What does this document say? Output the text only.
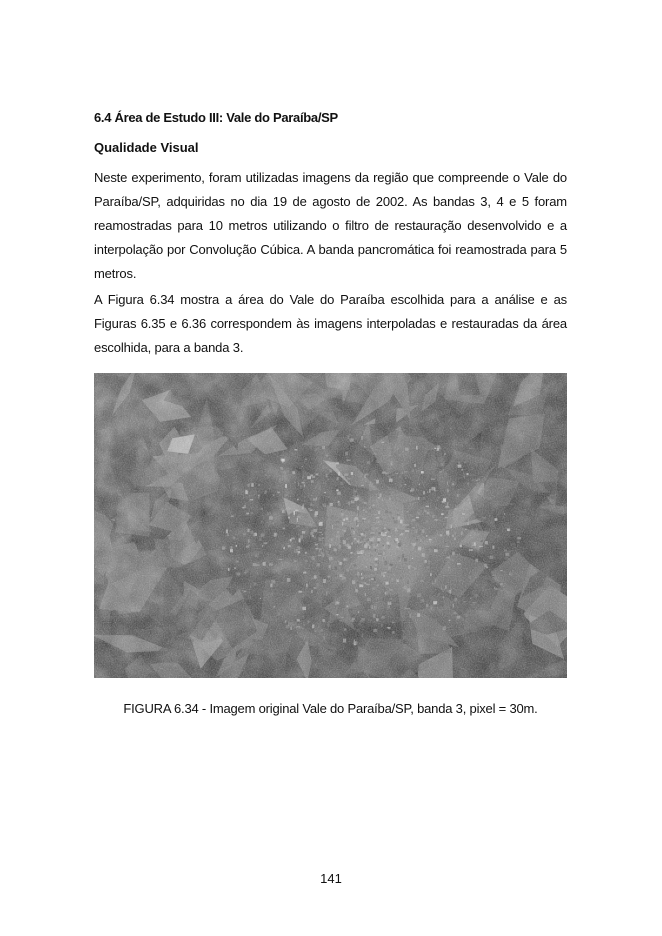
6.4 Área de Estudo III: Vale do Paraíba/SP
Qualidade Visual

Neste experimento, foram utilizadas imagens da região que compreende o Vale do Paraíba/SP, adquiridas no dia 19 de agosto de 2002. As bandas 3, 4 e 5 foram reamostradas para 10 metros utilizando o filtro de restauração desenvolvido e a interpolação por Convolução Cúbica. A banda pancromática foi reamostrada para 5 metros.

A Figura 6.34 mostra a área do Vale do Paraíba escolhida para a análise e as Figuras 6.35 e 6.36 correspondem às imagens interpoladas e restauradas da área escolhida, para a banda 3.

FIGURA 6.34 - Imagem original Vale do Paraíba/SP, banda 3, pixel = 30m.
141
